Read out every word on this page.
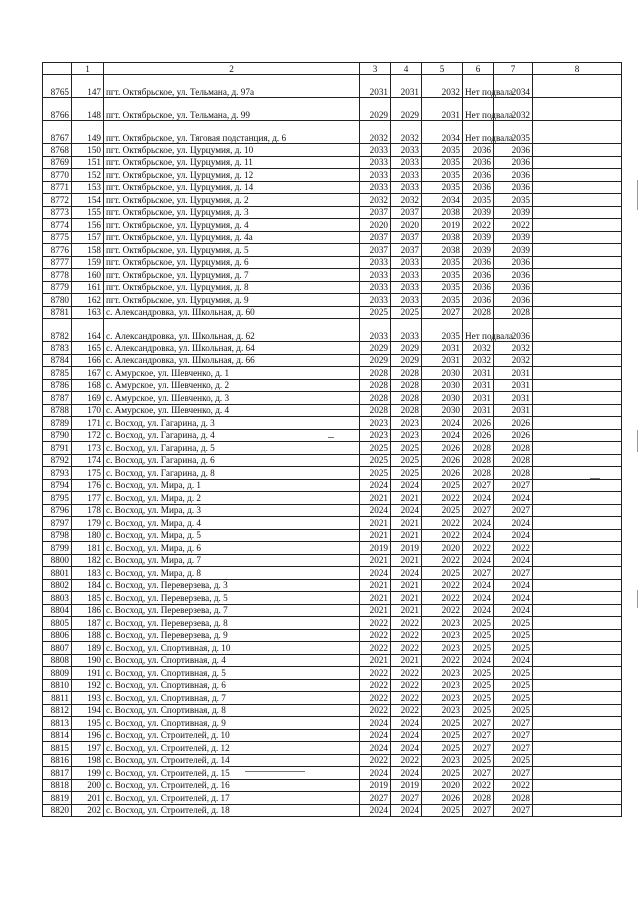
	1	2	3	4	5	6	7	8
8765	147	пгт. Октябрьское, ул. Тельмана, д. 97а	2031	2031	2032	Нет подвала	2034	
8766	148	пгт. Октябрьское, ул. Тельмана, д. 99	2029	2029	2031	Нет подвала	2032	
8767	149	пгт. Октябрьское, ул. Тяговая подстанция, д. 6	2032	2032	2034	Нет подвала	2035	
8768	150	пгт. Октябрьское, ул. Цурцумия, д. 10	2033	2033	2035	2036	2036	
8769	151	пгт. Октябрьское, ул. Цурцумия, д. 11	2033	2033	2035	2036	2036	
8770	152	пгт. Октябрьское, ул. Цурцумия, д. 12	2033	2033	2035	2036	2036	
8771	153	пгт. Октябрьское, ул. Цурцумия, д. 14	2033	2033	2035	2036	2036	
8772	154	пгт. Октябрьское, ул. Цурцумия, д. 2	2032	2032	2034	2035	2035	
8773	155	пгт. Октябрьское, ул. Цурцумия, д. 3	2037	2037	2038	2039	2039	
8774	156	пгт. Октябрьское, ул. Цурцумия, д. 4	2020	2020	2019	2022	2022	
8775	157	пгт. Октябрьское, ул. Цурцумия, д. 4а	2037	2037	2038	2039	2039	
8776	158	пгт. Октябрьское, ул. Цурцумия, д. 5	2037	2037	2038	2039	2039	
8777	159	пгт. Октябрьское, ул. Цурцумия, д. 6	2033	2033	2035	2036	2036	
8778	160	пгт. Октябрьское, ул. Цурцумия, д. 7	2033	2033	2035	2036	2036	
8779	161	пгт. Октябрьское, ул. Цурцумия, д. 8	2033	2033	2035	2036	2036	
8780	162	пгт. Октябрьское, ул. Цурцумия, д. 9	2033	2033	2035	2036	2036	
8781	163	с. Александровка, ул. Школьная, д. 60	2025	2025	2027	2028	2028	
8782	164	с. Александровка, ул. Школьная, д. 62	2033	2033	2035	Нет подвала	2036	
8783	165	с. Александровка, ул. Школьная, д. 64	2029	2029	2031	2032	2032	
8784	166	с. Александровка, ул. Школьная, д. 66	2029	2029	2031	2032	2032	
8785	167	с. Амурское, ул. Шевченко, д. 1	2028	2028	2030	2031	2031	
8786	168	с. Амурское, ул. Шевченко, д. 2	2028	2028	2030	2031	2031	
8787	169	с. Амурское, ул. Шевченко, д. 3	2028	2028	2030	2031	2031	
8788	170	с. Амурское, ул. Шевченко, д. 4	2028	2028	2030	2031	2031	
8789	171	с. Восход, ул. Гагарина, д. 3	2023	2023	2024	2026	2026	
8790	172	с. Восход, ул. Гагарина, д. 4	2023	2023	2024	2026	2026	
8791	173	с. Восход, ул. Гагарина, д. 5	2025	2025	2026	2028	2028	
8792	174	с. Восход, ул. Гагарина, д. 6	2025	2025	2026	2028	2028	
8793	175	с. Восход, ул. Гагарина, д. 8	2025	2025	2026	2028	2028	
8794	176	с. Восход, ул. Мира, д. 1	2024	2024	2025	2027	2027	
8795	177	с. Восход, ул. Мира, д. 2	2021	2021	2022	2024	2024	
8796	178	с. Восход, ул. Мира, д. 3	2024	2024	2025	2027	2027	
8797	179	с. Восход, ул. Мира, д. 4	2021	2021	2022	2024	2024	
8798	180	с. Восход, ул. Мира, д. 5	2021	2021	2022	2024	2024	
8799	181	с. Восход, ул. Мира, д. 6	2019	2019	2020	2022	2022	
8800	182	с. Восход, ул. Мира, д. 7	2021	2021	2022	2024	2024	
8801	183	с. Восход, ул. Мира, д. 8	2024	2024	2025	2027	2027	
8802	184	с. Восход, ул. Переверзева, д. 3	2021	2021	2022	2024	2024	
8803	185	с. Восход, ул. Переверзева, д. 5	2021	2021	2022	2024	2024	
8804	186	с. Восход, ул. Переверзева, д. 7	2021	2021	2022	2024	2024	
8805	187	с. Восход, ул. Переверзева, д. 8	2022	2022	2023	2025	2025	
8806	188	с. Восход, ул. Переверзева, д. 9	2022	2022	2023	2025	2025	
8807	189	с. Восход, ул. Спортивная, д. 10	2022	2022	2023	2025	2025	
8808	190	с. Восход, ул. Спортивная, д. 4	2021	2021	2022	2024	2024	
8809	191	с. Восход, ул. Спортивная, д. 5	2022	2022	2023	2025	2025	
8810	192	с. Восход, ул. Спортивная, д. 6	2022	2022	2023	2025	2025	
8811	193	с. Восход, ул. Спортивная, д. 7	2022	2022	2023	2025	2025	
8812	194	с. Восход, ул. Спортивная, д. 8	2022	2022	2023	2025	2025	
8813	195	с. Восход, ул. Спортивная, д. 9	2024	2024	2025	2027	2027	
8814	196	с. Восход, ул. Строителей, д. 10	2024	2024	2025	2027	2027	
8815	197	с. Восход, ул. Строителей, д. 12	2024	2024	2025	2027	2027	
8816	198	с. Восход, ул. Строителей, д. 14	2022	2022	2023	2025	2025	
8817	199	с. Восход, ул. Строителей, д. 15	2024	2024	2025	2027	2027	
8818	200	с. Восход, ул. Строителей, д. 16	2019	2019	2020	2022	2022	
8819	201	с. Восход, ул. Строителей, д. 17	2027	2027	2026	2028	2028	
8820	202	с. Восход, ул. Строителей, д. 18	2024	2024	2025	2027	2027	
